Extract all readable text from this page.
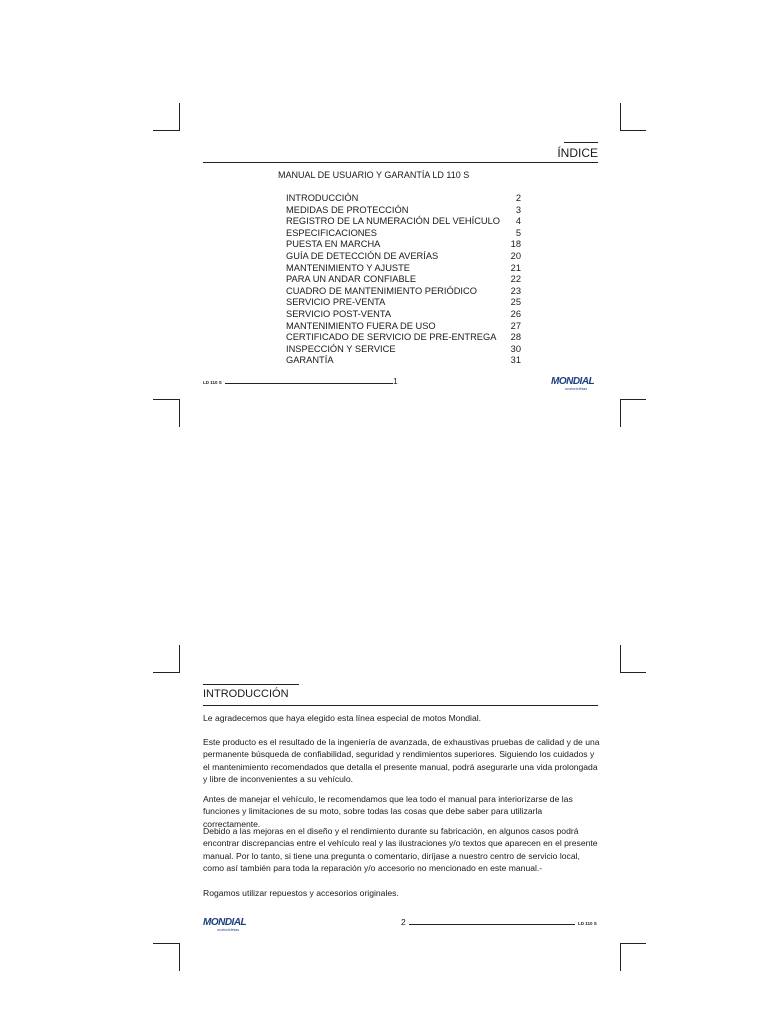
ÍNDICE
MANUAL DE USUARIO Y GARANTÍA LD 110 S
INTRODUCCIÓN	2
MEDIDAS DE PROTECCIÓN	3
REGISTRO DE LA NUMERACIÓN DEL VEHÍCULO 4
ESPECIFICACIONES	5
PUESTA EN MARCHA	18
GUÍA DE DETECCIÓN DE AVERÍAS	20
MANTENIMIENTO Y AJUSTE	21
PARA UN ANDAR CONFIABLE	22
CUADRO DE MANTENIMIENTO PERIÓDICO	23
SERVICIO PRE-VENTA	25
SERVICIO POST-VENTA	26
MANTENIMIENTO FUERA DE USO	27
CERTIFICADO DE SERVICIO DE PRE-ENTREGA 28
INSPECCIÓN Y SERVICE	30
GARANTÍA	31
LD 110 S	1	MONDIAL
motocicletas
INTRODUCCIÓN
Le agradecemos que haya elegido esta línea especial de motos Mondial.
Este producto es el resultado de la ingeniería de avanzada, de exhaustivas pruebas de calidad y de una permanente búsqueda de confiabilidad, seguridad y rendimientos superiores. Siguiendo los cuidados y el mantenimiento recomendados que detalla el presente manual, podrá asegurarle una vida prolongada y libre de inconvenientes a su vehículo.
Antes de manejar el vehículo, le recomendamos que lea todo el manual para interiorizarse de las funciones y limitaciones de su moto, sobre todas las cosas que debe saber para utilizarla correctamente.
Debido a las mejoras en el diseño y el rendimiento durante su fabricación, en algunos casos podrá encontrar discrepancias entre el vehículo real y las ilustraciones y/o textos que aparecen en el presente manual. Por lo tanto, si tiene una pregunta o comentario, diríjase a nuestro centro de servicio local, como así también para toda la reparación y/o accesorio no mencionado en este manual.-
Rogamos utilizar repuestos y accesorios originales.
MONDIAL
motocicletas
2	LD 110 S
